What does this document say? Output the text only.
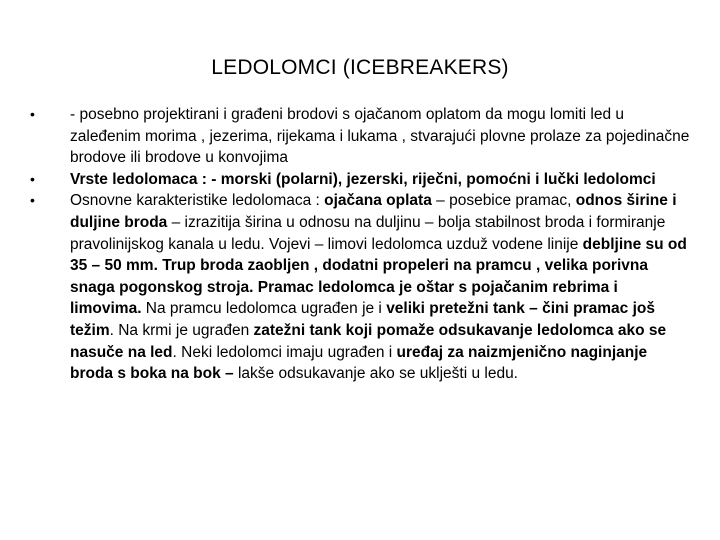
LEDOLOMCI (ICEBREAKERS)
•	- posebno projektirani i građeni brodovi s ojačanom oplatom da mogu lomiti led u zaleđenim morima , jezerima, rijekama i lukama , stvarajući plovne prolaze za pojedinačne brodove ili brodove u konvojima
•	Vrste ledolomaca : - morski (polarni), jezerski, riječni, pomoćni i lučki ledolomci
•	Osnovne karakteristike ledolomaca : ojačana oplata – posebice pramac, odnos širine i duljine broda – izrazitija širina u odnosu na duljinu – bolja stabilnost broda i formiranje pravolinijskog kanala u ledu. Vojevi – limovi ledolomca uzduž vodene linije debljine su od 35 – 50 mm. Trup broda zaobljen , dodatni propeleri na pramcu , velika porivna snaga pogonskog stroja. Pramac ledolomca je oštar s pojačanim rebrima i limovima. Na pramcu ledolomca ugrađen je i veliki pretežni tank – čini pramac još težim. Na krmi je ugrađen zatežni tank koji pomaže odsukavanje ledolomca ako se nasuče na led. Neki ledolomci imaju ugrađen i uređaj za naizmjenično naginjanje broda s boka na bok – lakše odsukavanje ako se uklješti u ledu.
